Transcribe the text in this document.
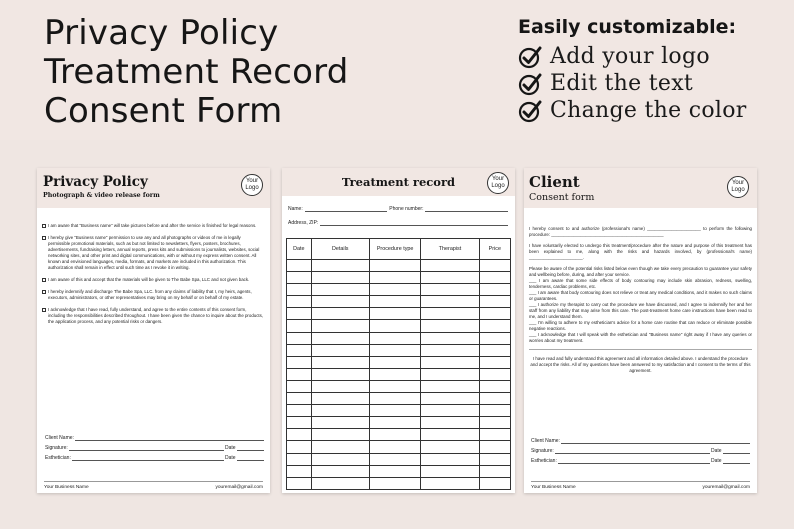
Privacy Policy
Treatment Record
Consent Form
Easily customizable:
Add your logo
Edit the text
Change the color
Privacy Policy
Photograph & video release form
Your Logo
I am aware that "Business name" will take pictures before and after the service is finished for legal reasons.
I hereby give "Business name" permission to use any and all photographs or videos of me in legally permissible promotional materials, such as but not limited to newsletters, flyers, posters, brochures, advertisements, fundraising letters, annual reports, press kits and submissions to journalists, websites, social networking sites, and other print and digital communications, with or without my express written consent. All known and envisioned languages, media, formats, and markets are included in this authorization. This authorization shall remain in effect until such time as I revoke it in writing.
I am aware of this and accept that the materials will be given to The Babe Spa, LLC and not given back.
I hereby indemnify and discharge The Babe Spa, LLC. from any claims of liability that I, my heirs, agents, executors, administrators, or other representatives may bring on my behalf or on behalf of my estate.
I acknowledge that I have read, fully understand, and agree to the entire contents of this consent form, including the responsibilities described throughout. I have been given the chance to inquire about the products, the application process, and any potential risks or dangers.
Client Name:
Signature:	Date
Esthetician:	Date
Your Business Name	youremail@gmail.com
Treatment record	Your Logo
Name:	Phone number:
Address, ZIP:
Date	Details	Procedure type	Therapist	Price

Client
Consent form
Your Logo

I hereby consent to and authorize (professional's name) ______________________ to perform the following procedure: ______________________________________________

I have voluntarily elected to undergo this treatment/procedure after the nature and purpose of this treatment has been explained to me, along with the risks and hazards involved, by (professional's name) ______________________.

Please be aware of the potential risks listed below even though we take every precaution to guarantee your safety and wellbeing before, during, and after your service.
___ I am aware that some side effects of body contouring may include skin abrasion, redness, swelling, tenderness, cardiac problems, etc.
___ I am aware that body contouring does not relieve or treat any medical conditions, and it makes no such claims or guarantees.
___ I authorize my therapist to carry out the procedure we have discussed, and I agree to indemnify her and her staff from any liability that may arise from this care. The post-treatment home care instructions have been read to me, and I understand them.
___ I'm willing to adhere to my esthetician's advice for a home care routine that can reduce or eliminate possible negative reactions.
___ I acknowledge that I will speak with the esthetician and "Business name" right away if I have any queries or worries about my treatment.

I have read and fully understand this agreement and all information detailed above. I understand the procedure and accept the risks. All of my questions have been answered to my satisfaction and I consent to the terms of this agreement.

Client Name:
Signature:	Date
Esthetician:	Date
Your Business Name	youremail@gmail.com
